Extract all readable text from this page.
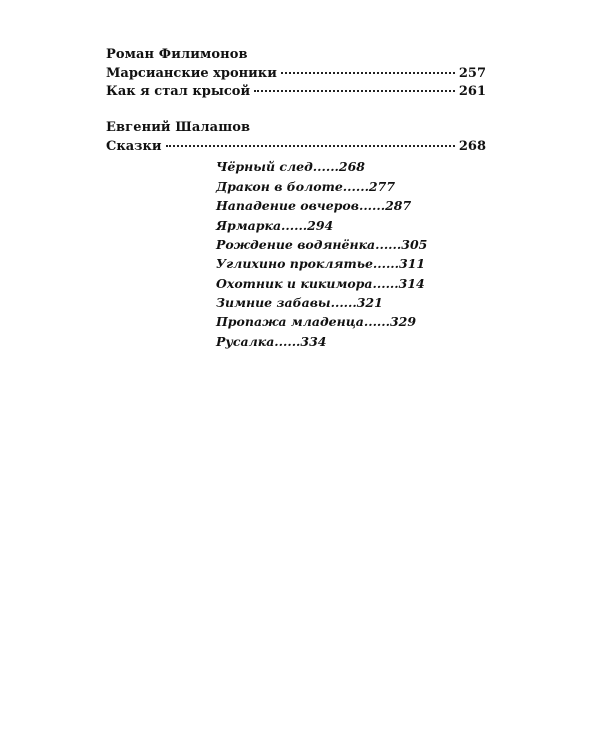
Роман Филимонов
Марсианские хроники	257
Как я стал крысой	261
Евгений Шалашов
Сказки	268
Чёрный след......268
Дракон в болоте......277
Нападение овчеров......287
Ярмарка......294
Рождение водянёнка......305
Углихино проклятье......311
Охотник и кикимора......314
Зимние забавы......321
Пропажа младенца......329
Русалка......334
